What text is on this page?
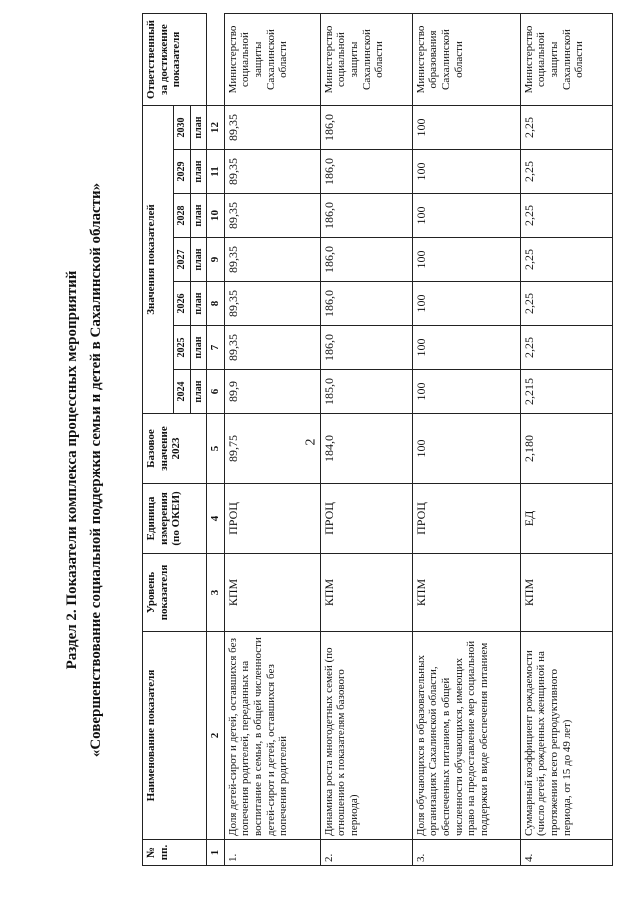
2
Раздел 2. Показатели комплекса процессных мероприятий «Совершенствование социальной поддержки семьи и детей в Сахалинской области»
№ пп.	Наименование показателя	Уровень показателя	Единица измерения (по ОКЕИ)	Базовое значение 2023	Значения показателей							Ответственный за достижение показателя
					2024	2025	2026	2027	2028	2029	2030	
					план	план	план	план	план	план	план	
1	2	3	4	5	6	7	8	9	10	11	12	
1.	Доля детей-сирот и детей, оставшихся без попечения родителей, переданных на воспитание в семьи, в общей численности детей-сирот и детей, оставшихся без попечения родителей	КПМ	ПРОЦ	89,75	89,9	89,35	89,35	89,35	89,35	89,35	89,35	Министерство социальной защиты Сахалинской области
2.	Динамика роста многодетных семей (по отношению к показателям базового периода)	КПМ	ПРОЦ	184,0	185,0	186,0	186,0	186,0	186,0	186,0	186,0	Министерство социальной защиты Сахалинской области
3.	Доля обучающихся в образовательных организациях Сахалинской области, обеспеченных питанием, в общей численности обучающихся, имеющих право на предоставление мер социальной поддержки в виде обеспечения питанием	КПМ	ПРОЦ	100	100	100	100	100	100	100	100	Министерство образования Сахалинской области
4.	Суммарный коэффициент рождаемости (число детей, рожденных женщиной на протяжении всего репродуктивного периода, от 15 до 49 лет)	КПМ	ЕД	2,180	2,215	2,25	2,25	2,25	2,25	2,25	2,25	Министерство социальной защиты Сахалинской области
